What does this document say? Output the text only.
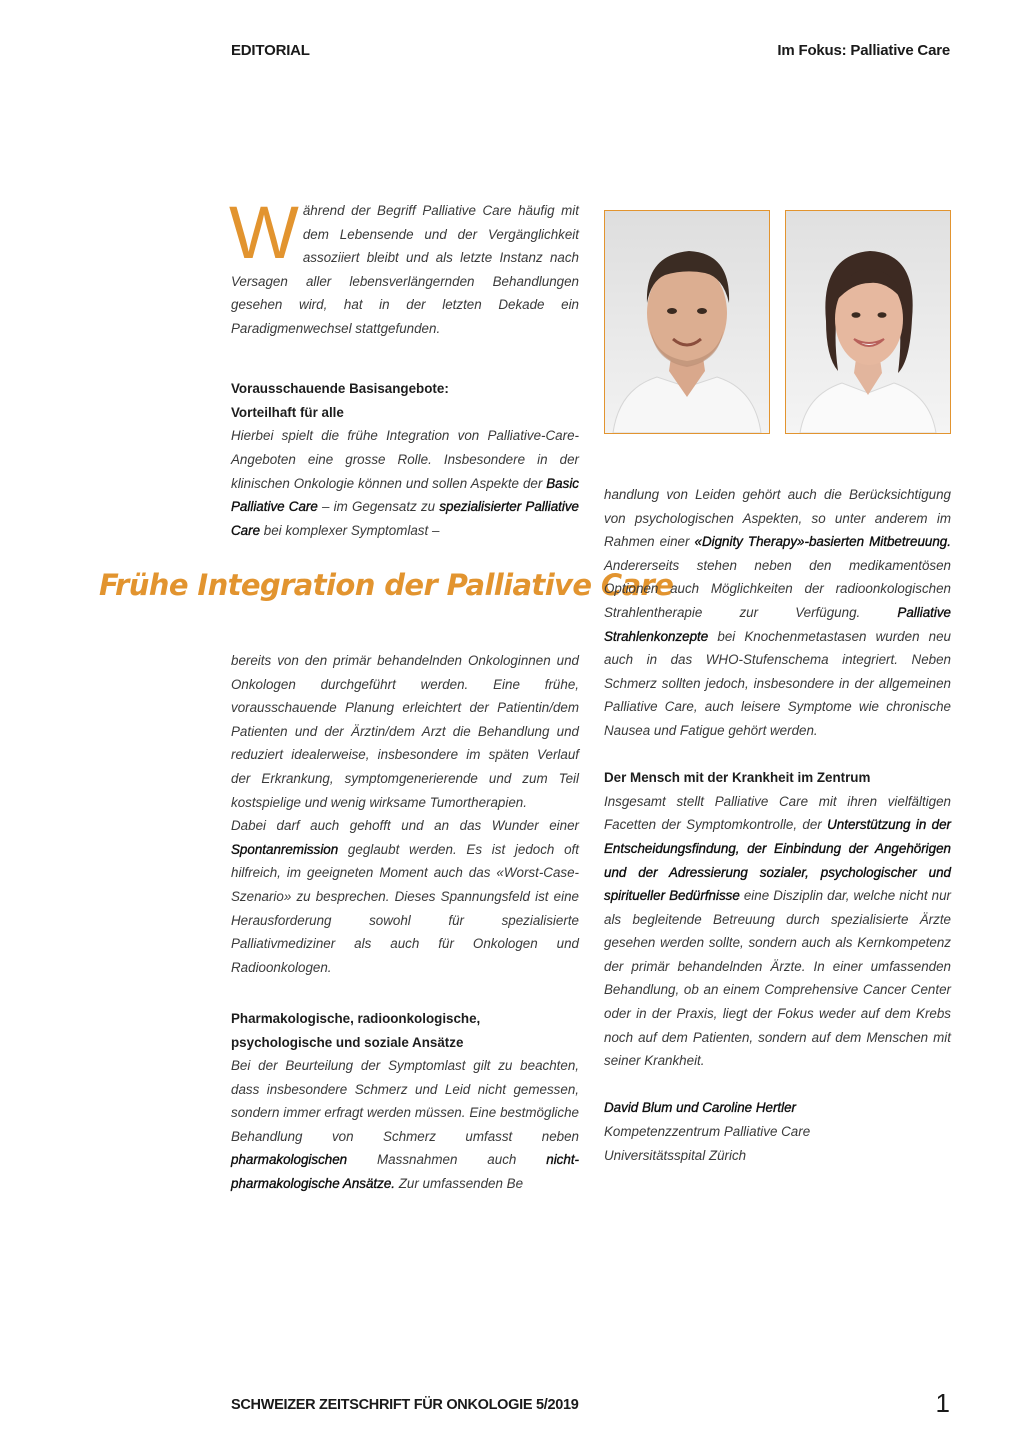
EDITORIAL	Im Fokus: Palliative Care

Während der Begriff Palliative Care häufig mit dem Lebensende und der Vergänglichkeit assoziiert bleibt und als letzte Instanz nach Versagen aller lebensverlängernden Behandlungen gesehen wird, hat in der letzten Dekade ein Paradigmenwechsel stattgefunden.

Vorausschauende Basisangebote:
Vorteilhaft für alle

Hierbei spielt die frühe Integration von Palliative-Care-Angeboten eine grosse Rolle. Insbesondere in der klinischen Onkologie können und sollen Aspekte der Basic Palliative Care – im Gegensatz zu spezialisierter Palliative Care bei komplexer Symptomlast –

Frühe Integration der Palliative Care

bereits von den primär behandelnden Onkologinnen und Onkologen durchgeführt werden. Eine frühe, vorausschauende Planung erleichtert der Patientin/dem Patienten und der Ärztin/dem Arzt die Behandlung und reduziert idealerweise, insbesondere im späten Verlauf der Erkrankung, symptomgenerierende und zum Teil kostspielige und wenig wirksame Tumortherapien.

Dabei darf auch gehofft und an das Wunder einer Spontanremission geglaubt werden. Es ist jedoch oft hilfreich, im geeigneten Moment auch das «Worst-Case-Szenario» zu besprechen. Dieses Spannungsfeld ist eine Herausforderung sowohl für spezialisierte Palliativmediziner als auch für Onkologen und Radioonkologen.

Pharmakologische, radioonkologische,
psychologische und soziale Ansätze

Bei der Beurteilung der Symptomlast gilt zu beachten, dass insbesondere Schmerz und Leid nicht gemessen, sondern immer erfragt werden müssen. Eine bestmögliche Behandlung von Schmerz umfasst neben pharmakologischen Massnahmen auch nicht-pharmakologische Ansätze. Zur umfassenden Be

handlung von Leiden gehört auch die Berücksichtigung von psychologischen Aspekten, so unter anderem im Rahmen einer «Dignity Therapy»-basierten Mitbetreuung. Andererseits stehen neben den medikamentösen Optionen auch Möglichkeiten der radioonkologischen Strahlentherapie zur Verfügung. Palliative Strahlenkonzepte bei Knochenmetastasen wurden neu auch in das WHO-Stufenschema integriert. Neben Schmerz sollten jedoch, insbesondere in der allgemeinen Palliative Care, auch leisere Symptome wie chronische Nausea und Fatigue gehört werden.

Der Mensch mit der Krankheit im Zentrum

Insgesamt stellt Palliative Care mit ihren vielfältigen Facetten der Symptomkontrolle, der Unterstützung in der Entscheidungsfindung, der Einbindung der Angehörigen und der Adressierung sozialer, psychologischer und spiritueller Bedürfnisse eine Disziplin dar, welche nicht nur als begleitende Betreuung durch spezialisierte Ärzte gesehen werden sollte, sondern auch als Kernkompetenz der primär behandelnden Ärzte. In einer umfassenden Behandlung, ob an einem Comprehensive Cancer Center oder in der Praxis, liegt der Fokus weder auf dem Krebs noch auf dem Patienten, sondern auf dem Menschen mit seiner Krankheit.

David Blum und Caroline Hertler
Kompetenzzentrum Palliative Care
Universitätsspital Zürich

SCHWEIZER ZEITSCHRIFT FÜR ONKOLOGIE 5/2019	1
